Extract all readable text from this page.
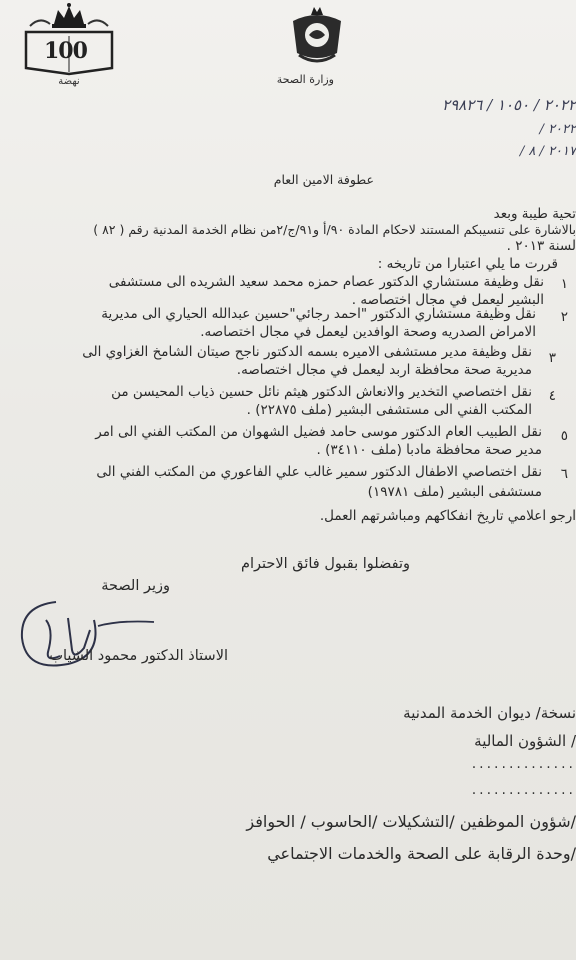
100
نهضة	وزارة الصحة
٢٠٢٢ / ١٠٥٠ / ٢٩٨٢٦
٢٠٢٢ /
٢٠١٧ / ٨ /
عطوفة الامين العام
تحية طيبة وبعد
بالاشارة على تنسيبكم المستند لاحكام المادة ٩٠/أ و٩١/ج/٢من نظام الخدمة المدنية رقم ( ٨٢ )
لسنة ٢٠١٣ .
قررت ما يلي اعتبارا من تاريخه :
١
نقل وظيفة مستشاري الدكتور عصام حمزه محمد سعيد الشريده الى مستشفى
البشير ليعمل في مجال اختصاصه .
٢
نقل وظيفة مستشاري الدكتور "احمد رجائي"حسين عبدالله الحياري الى مديرية
الامراض الصدريه وصحة الوافدين ليعمل في مجال اختصاصه.
٣
نقل وظيفة مدير مستشفى الاميره بسمه الدكتور ناجح صيتان الشامخ الغزاوي الى
مديرية صحة محافظة اربد ليعمل في مجال اختصاصه.
٤
نقل اختصاصي التخدير والانعاش الدكتور هيثم نائل حسين ذياب المحيسن من
المكتب الفني الى مستشفى البشير (ملف ٢٢٨٧٥) .
٥
نقل الطبيب العام الدكتور موسى حامد فضيل الشهوان من المكتب الفني الى امر
مدير صحة محافظة مادبا (ملف ٣٤١١٠) .
٦
نقل اختصاصي الاطفال الدكتور سمير غالب علي الفاعوري من المكتب الفني الى
مستشفى البشير (ملف ١٩٧٨١)
ارجو اعلامي تاريخ انفكاكهم ومباشرتهم العمل.
وتفضلوا بقبول فائق الاحترام
وزير الصحة
الاستاذ الدكتور محمود الشياب
نسخة/ ديوان الخدمة المدنية
/ الشؤون المالية
..............
..............
/شؤون الموظفين /التشكيلات /الحاسوب / الحوافز
/وحدة الرقابة على الصحة والخدمات الاجتماعي
